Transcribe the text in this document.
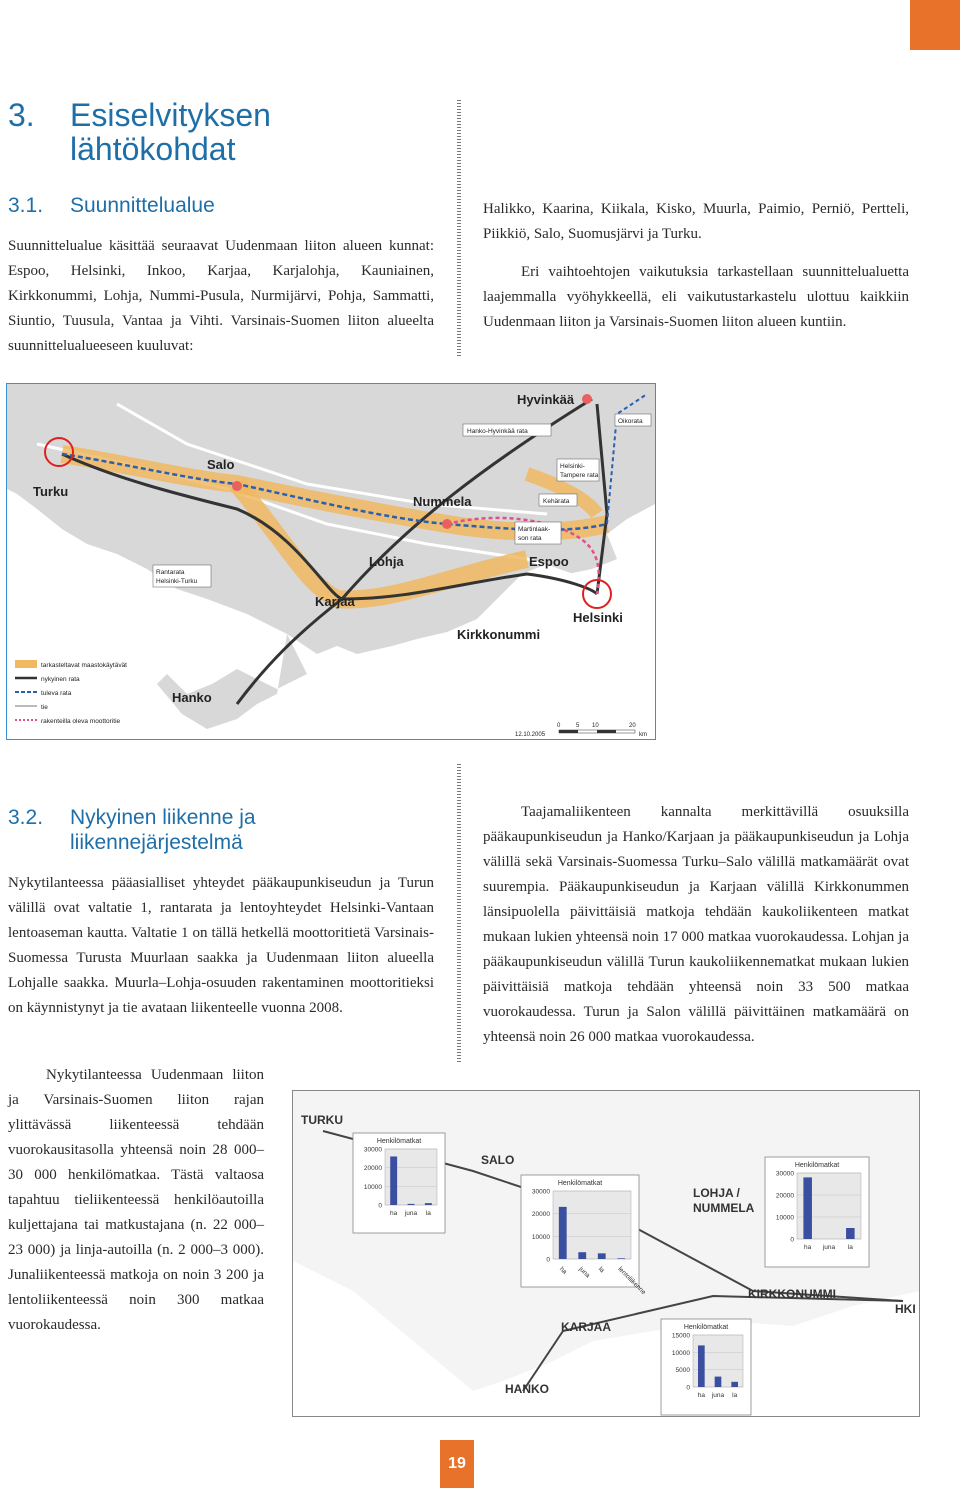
3. Esiselvityksen
lähtökohdat
3.1. Suunnittelualue

Suunnittelualue käsittää seuraavat Uudenmaan liiton alueen kunnat: Espoo, Helsinki, Inkoo, Karjaa, Karjalohja, Kauniainen, Kirkkonummi, Lohja, Nummi-Pusula, Nurmijärvi, Pohja, Sammatti, Siuntio, Tuusula, Vantaa ja Vihti. Varsinais-Suomen liiton alueelta suunnittelualueeseen kuuluvat:

Halikko, Kaarina, Kiikala, Kisko, Muurla, Paimio, Perniö, Pertteli, Piikkiö, Salo, Suomusjärvi ja Turku.

Eri vaihtoehtojen vaikutuksia tarkastellaan suunnittelualuetta laajemmalla vyöhykkeellä, eli vaikutustarkastelu ulottuu kaikkiin Uudenmaan liiton ja Varsinais-Suomen liiton alueen kuntiin.

Hyvinkää
Salo
Turku
Nummela
Lohja	Espoo
Karjaa
Kirkkonummi
Helsinki
Hanko
Hanko-Hyvinkää rata
Oikorata
Helsinki-
Tampere rata
Kehärata
Martinlaak-
son rata
Rantarata
Helsinki-Turku
tarkasteltavat maastokäytävät
nykyinen rata
tuleva rata
tie
rakenteilla oleva moottoritie
0	5 10	20
km
12.10.2005
3.2. Nykyinen liikenne ja
liikennejärjestelmä

Nykytilanteessa pääasialliset yhteydet pääkaupunkiseudun ja Turun välillä ovat valtatie 1, rantarata ja lentoyhteydet Helsinki-Vantaan lentoaseman kautta. Valtatie 1 on tällä hetkellä moottoritietä Varsinais-Suomessa Turusta Muurlaan saakka ja Uudenmaan liiton alueella Lohjalle saakka. Muurla–Lohja-osuuden rakentaminen moottoritieksi on käynnistynyt ja tie avataan liikenteelle vuonna 2008.

Nykytilanteessa Uudenmaan liiton ja Varsinais-Suomen liiton rajan ylittävässä liikenteessä tehdään vuorokausitasolla yhteensä noin 28 000–30 000 henkilömatkaa. Tästä valtaosa tapahtuu tieliikenteessä henkilöautoilla kuljettajana tai matkustajana (n. 22 000–23 000) ja linja-autoilla (n. 2 000–3 000). Junaliikenteessä matkoja on noin 3 200 ja lentoliikenteessä noin 300 matkaa vuorokaudessa.

Taajamaliikenteen kannalta merkittävillä osuuksilla pääkaupunkiseudun ja Hanko/Karjaan ja pääkaupunkiseudun ja Lohja välillä sekä Varsinais-Suomessa Turku–Salo välillä matkamäärät ovat suurempia. Pääkaupunkiseudun ja Karjaan välillä Kirkkonummen länsipuolella päivittäisiä matkoja tehdään kaukoliikenteen matkat mukaan lukien yhteensä noin 17 000 matkaa vuorokaudessa. Lohjan ja pääkaupunkiseudun välillä Turun kaukoliikennematkat mukaan lukien päivittäisiä matkoja tehdään yhteensä noin 33 500 matkaa vuorokaudessa. Turun ja Salon välillä päivittäinen matkamäärä on yhteensä noin 26 000 matkaa vuorokaudessa.

TURKU
SALO
LOHJA /
NUMMELA
KIRKKONUMMI
KARJAA
HANKO
HKI
Henkilömatkat
30000
20000
10000
0
ha juna la
Henkilömatkat
30000
20000
10000
0
ha juna la lentoliikenne
Henkilömatkat
30000
20000
10000
0
ha juna la
Henkilömatkat
15000
10000
5000
0
ha juna la
19
